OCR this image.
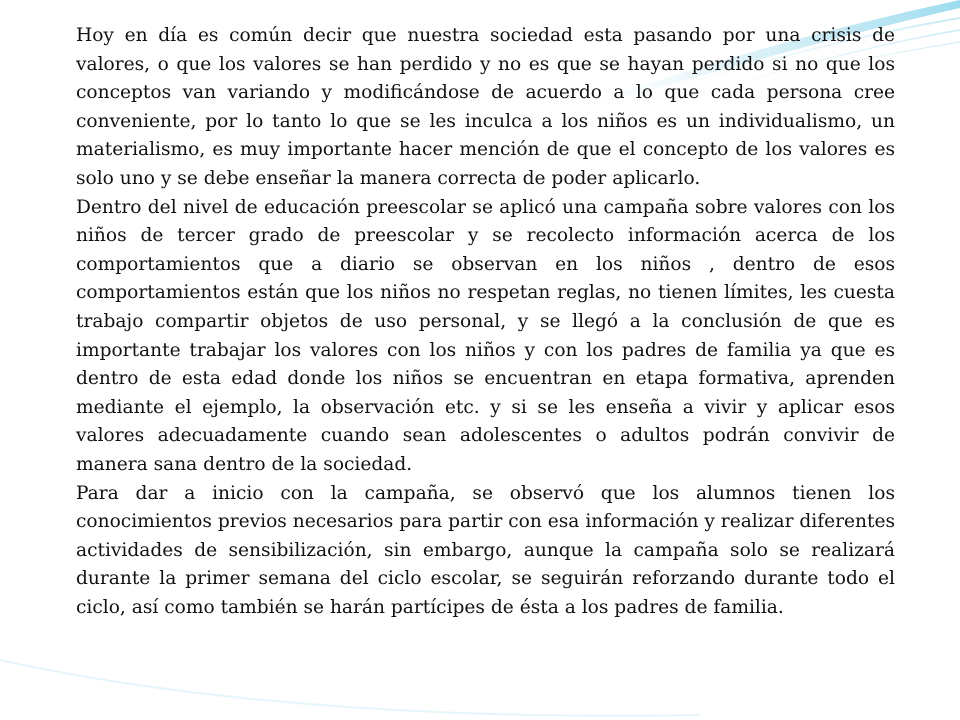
Hoy en día es común decir que nuestra sociedad esta pasando por una crisis de valores, o que los valores se han perdido y no es que se hayan perdido si no que los conceptos van variando y modificándose de acuerdo a lo que cada persona cree conveniente, por lo tanto lo que se les inculca a los niños es un individualismo, un materialismo, es muy importante hacer mención de que el concepto de los valores es solo uno y se debe enseñar la manera correcta de poder aplicarlo.

Dentro del nivel de educación preescolar se aplicó una campaña sobre valores con los niños de tercer grado de preescolar y se recolecto información acerca de los comportamientos que a diario se observan en los niños , dentro de esos comportamientos están que los niños no respetan reglas, no tienen límites, les cuesta trabajo compartir objetos de uso personal, y se llegó a la conclusión de que es importante trabajar los valores con los niños y con los padres de familia ya que es dentro de esta edad donde los niños se encuentran en etapa formativa, aprenden mediante el ejemplo, la observación etc. y si se les enseña a vivir y aplicar esos valores adecuadamente cuando sean adolescentes o adultos podrán convivir de manera sana dentro de la sociedad.

Para dar a inicio con la campaña, se observó que los alumnos tienen los conocimientos previos necesarios para partir con esa información y realizar diferentes actividades de sensibilización, sin embargo, aunque la campaña solo se realizará durante la primer semana del ciclo escolar, se seguirán reforzando durante todo el ciclo, así como también se harán partícipes de ésta a los padres de familia.
